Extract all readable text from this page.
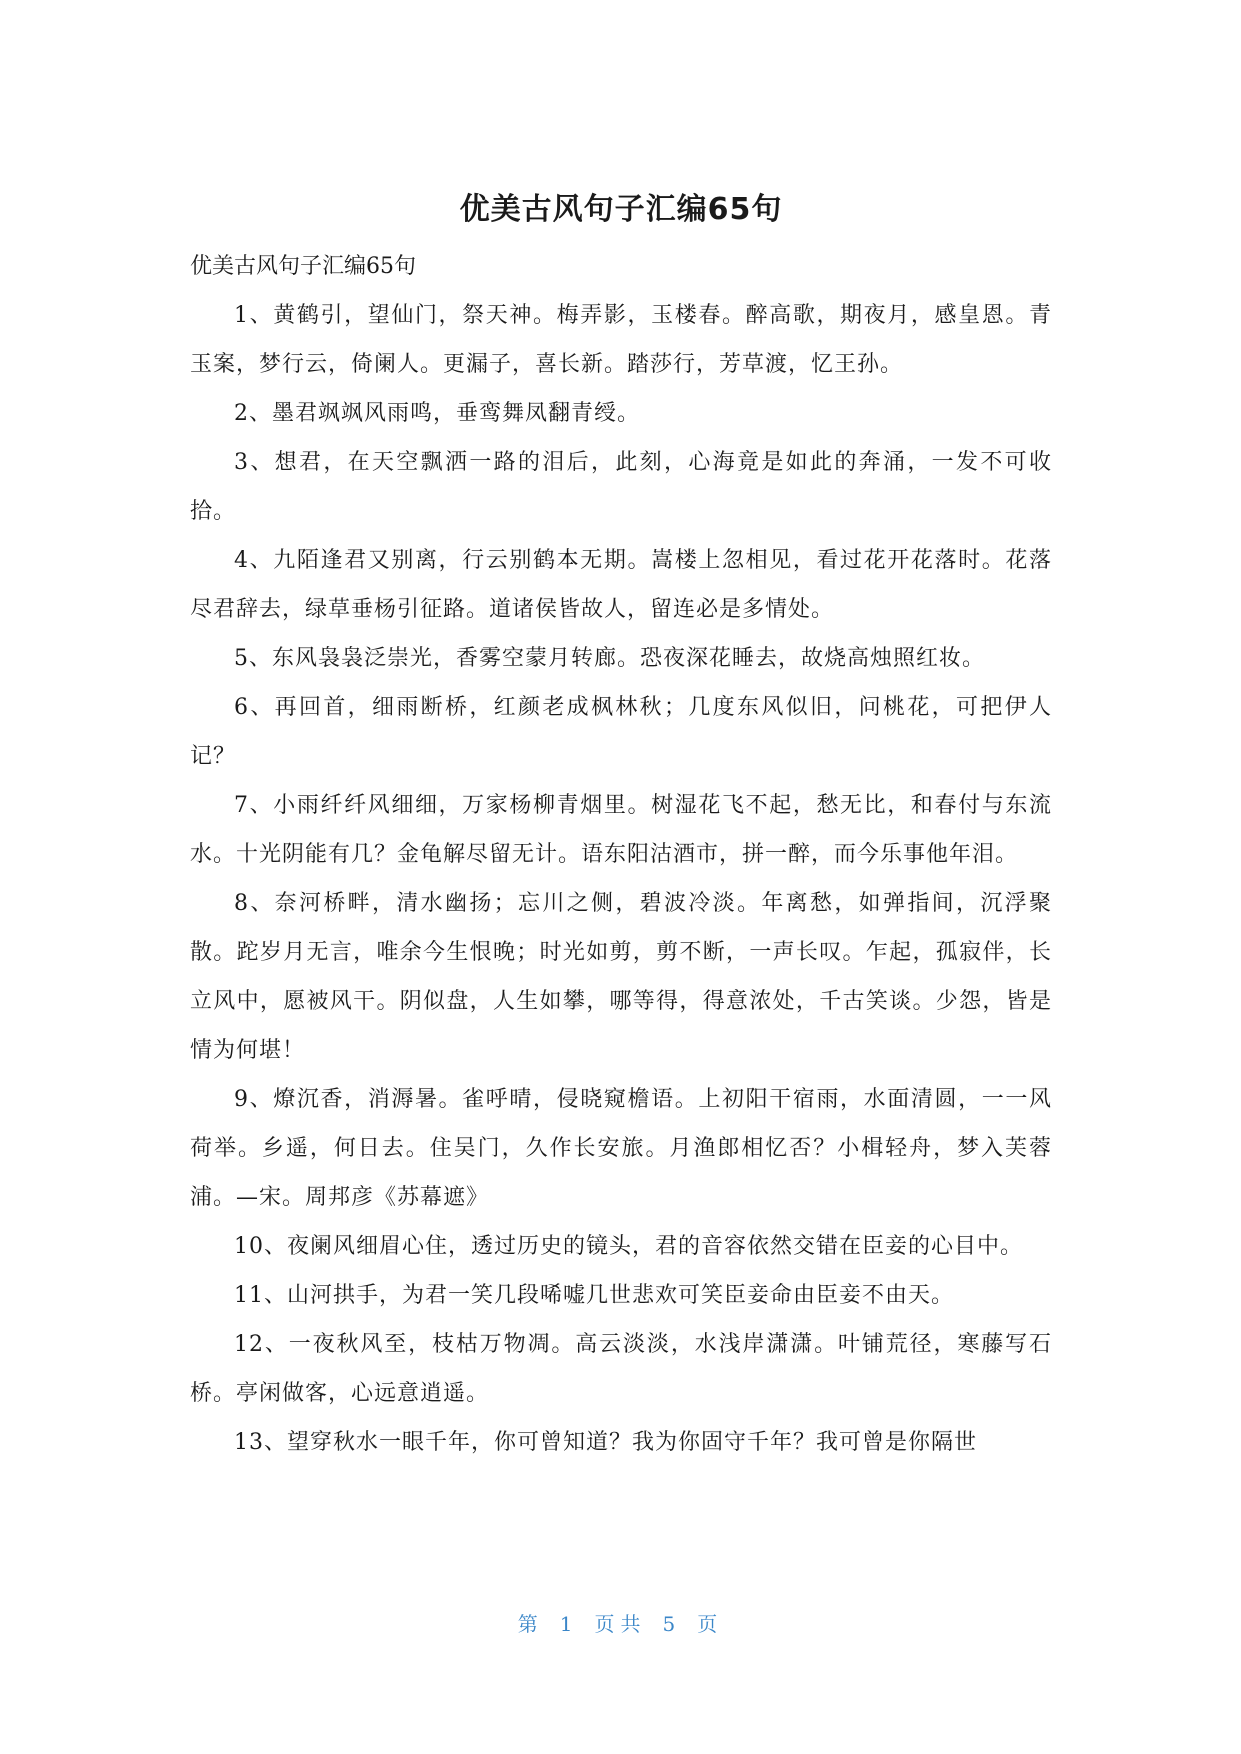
优美古风句子汇编65句

优美古风句子汇编65句

1、黄鹤引，望仙门，祭天神。梅弄影，玉楼春。醉高歌，期夜月，感皇恩。青玉案，梦行云，倚阑人。更漏子，喜长新。踏莎行，芳草渡，忆王孙。

2、墨君飒飒风雨鸣，垂鸾舞凤翻青绶。

3、想君，在天空飘洒一路的泪后，此刻，心海竟是如此的奔涌，一发不可收拾。

4、九陌逢君又别离，行云别鹤本无期。嵩楼上忽相见，看过花开花落时。花落尽君辞去，绿草垂杨引征路。道诸侯皆故人，留连必是多情处。

5、东风袅袅泛崇光，香雾空蒙月转廊。恐夜深花睡去，故烧高烛照红妆。

6、再回首，细雨断桥，红颜老成枫林秋；几度东风似旧，问桃花，可把伊人记？

7、小雨纤纤风细细，万家杨柳青烟里。树湿花飞不起，愁无比，和春付与东流水。十光阴能有几？金龟解尽留无计。语东阳沽酒市，拼一醉，而今乐事他年泪。

8、奈河桥畔，清水幽扬；忘川之侧，碧波冷淡。年离愁，如弹指间，沉浮聚散。跎岁月无言，唯余今生恨晚；时光如剪，剪不断，一声长叹。乍起，孤寂伴，长立风中，愿被风干。阴似盘，人生如攀，哪等得，得意浓处，千古笑谈。少怨，皆是情为何堪！

9、燎沉香，消溽暑。雀呼晴，侵晓窥檐语。上初阳干宿雨，水面清圆，一一风荷举。乡遥，何日去。住吴门，久作长安旅。月渔郎相忆否？小楫轻舟，梦入芙蓉浦。—宋。周邦彦《苏幕遮》

10、夜阑风细眉心住，透过历史的镜头，君的音容依然交错在臣妾的心目中。

11、山河拱手，为君一笑几段唏嘘几世悲欢可笑臣妾命由臣妾不由天。

12、一夜秋风至，枝枯万物凋。高云淡淡，水浅岸潇潇。叶铺荒径，寒藤写石桥。亭闲做客，心远意逍遥。

13、望穿秋水一眼千年，你可曾知道？我为你固守千年？我可曾是你隔世

第 1 页共 5 页
